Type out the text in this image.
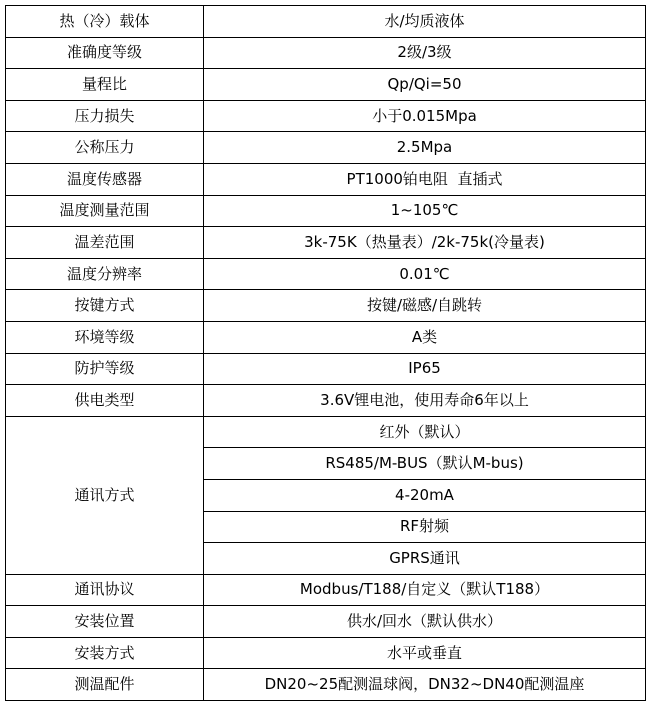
热（冷）载体	水/均质液体
准确度等级	2级/3级
量程比	Qp/Qi=50
压力损失	小于0.015Mpa
公称压力	2.5Mpa
温度传感器	PT1000铂电阻  直插式
温度测量范围	1~105℃
温差范围	3k-75K（热量表）/2k-75k(冷量表)
温度分辨率	0.01℃
按键方式	按键/磁感/自跳转
环境等级	A类
防护等级	IP65
供电类型	3.6V锂电池，使用寿命6年以上
通讯方式	红外（默认）
	RS485/M-BUS（默认M-bus)
	4-20mA
	RF射频
	GPRS通讯
通讯协议	Modbus/T188/自定义（默认T188）
安装位置	供水/回水（默认供水）
安装方式	水平或垂直
测温配件	DN20~25配测温球阀，DN32~DN40配测温座
